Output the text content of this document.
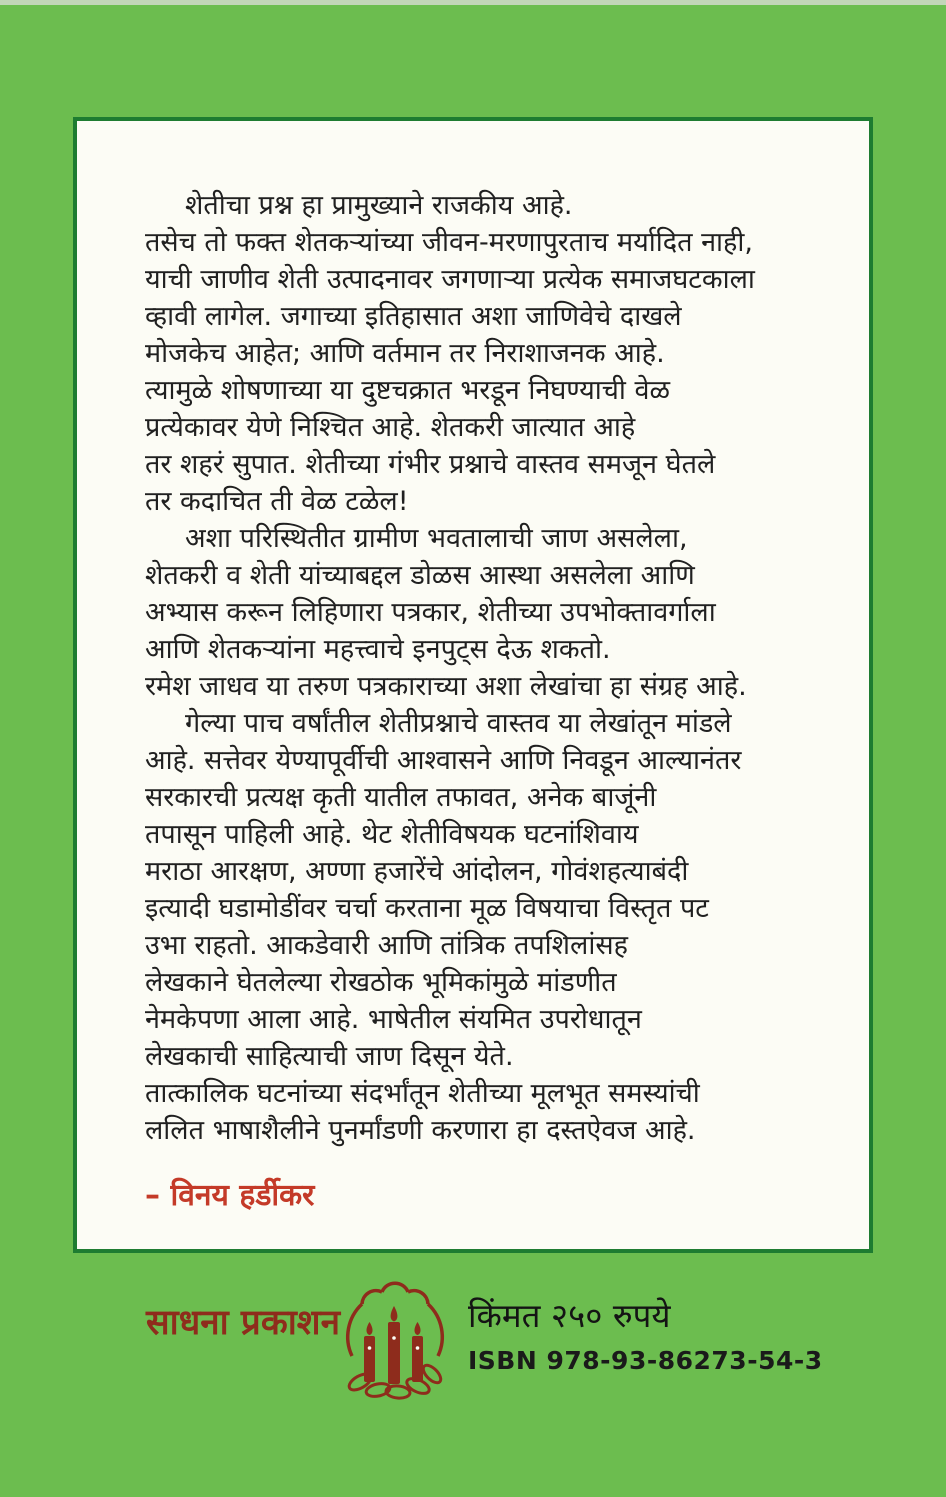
शेतीचा प्रश्न हा प्रामुख्याने राजकीय आहे.
तसेच तो फक्त शेतकऱ्यांच्या जीवन-मरणापुरताच मर्यादित नाही,
याची जाणीव शेती उत्पादनावर जगणाऱ्या प्रत्येक समाजघटकाला
व्हावी लागेल. जगाच्या इतिहासात अशा जाणिवेचे दाखले
मोजकेच आहेत; आणि वर्तमान तर निराशाजनक आहे.
त्यामुळे शोषणाच्या या दुष्टचक्रात भरडून निघण्याची वेळ
प्रत्येकावर येणे निश्चित आहे. शेतकरी जात्यात आहे
तर शहरं सुपात. शेतीच्या गंभीर प्रश्नाचे वास्तव समजून घेतले
तर कदाचित ती वेळ टळेल!
अशा परिस्थितीत ग्रामीण भवतालाची जाण असलेला,
शेतकरी व शेती यांच्याबद्दल डोळस आस्था असलेला आणि
अभ्यास करून लिहिणारा पत्रकार, शेतीच्या उपभोक्तावर्गाला
आणि शेतकऱ्यांना महत्त्वाचे इनपुट्स देऊ शकतो.
रमेश जाधव या तरुण पत्रकाराच्या अशा लेखांचा हा संग्रह आहे.
गेल्या पाच वर्षांतील शेतीप्रश्नाचे वास्तव या लेखांतून मांडले
आहे. सत्तेवर येण्यापूर्वीची आश्वासने आणि निवडून आल्यानंतर
सरकारची प्रत्यक्ष कृती यातील तफावत, अनेक बाजूंनी
तपासून पाहिली आहे. थेट शेतीविषयक घटनांशिवाय
मराठा आरक्षण, अण्णा हजारेंचे आंदोलन, गोवंशहत्याबंदी
इत्यादी घडामोडींवर चर्चा करताना मूळ विषयाचा विस्तृत पट
उभा राहतो. आकडेवारी आणि तांत्रिक तपशिलांसह
लेखकाने घेतलेल्या रोखठोक भूमिकांमुळे मांडणीत
नेमकेपणा आला आहे. भाषेतील संयमित उपरोधातून
लेखकाची साहित्याची जाण दिसून येते.
तात्कालिक घटनांच्या संदर्भांतून शेतीच्या मूलभूत समस्यांची
ललित भाषाशैलीने पुनर्मांडणी करणारा हा दस्तऐवज आहे.
– विनय हर्डीकर
साधना प्रकाशन	किंमत २५० रुपये
ISBN 978-93-86273-54-3
